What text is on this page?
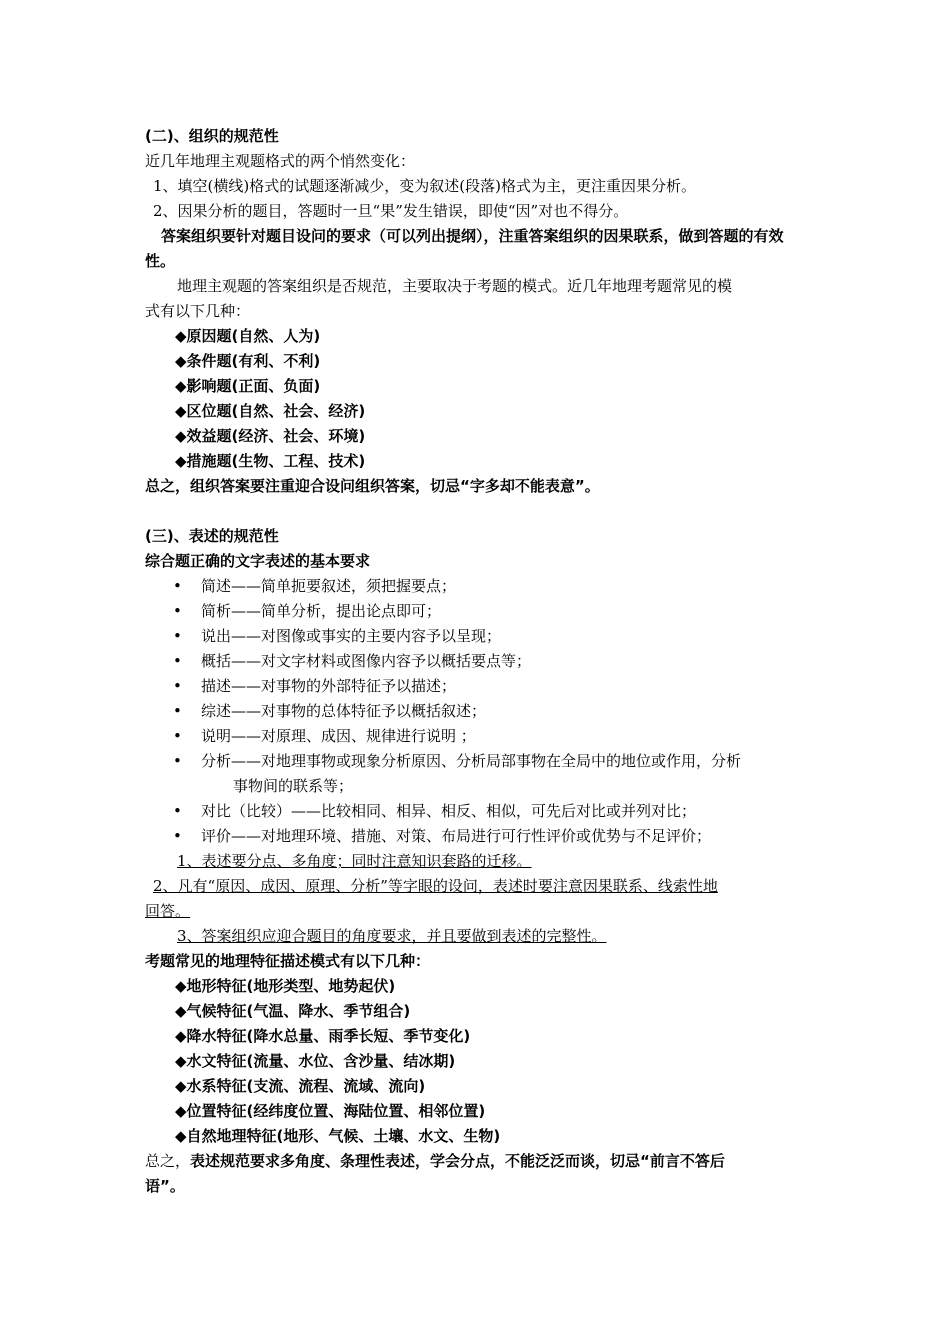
(二)、组织的规范性

近几年地理主观题格式的两个悄然变化：

1、填空(横线)格式的试题逐渐减少，变为叙述(段落)格式为主，更注重因果分析。

2、因果分析的题目，答题时一旦“果”发生错误，即使“因”对也不得分。

答案组织要针对题目设问的要求（可以列出提纲），注重答案组织的因果联系，做到答题的有效性。

地理主观题的答案组织是否规范，主要取决于考题的模式。近几年地理考题常见的模

式有以下几种：

◆原因题(自然、人为)

◆条件题(有利、不利)

◆影响题(正面、负面)

◆区位题(自然、社会、经济)

◆效益题(经济、社会、环境)

◆措施题(生物、工程、技术)

总之，组织答案要注重迎合设问组织答案，切忌“字多却不能表意”。

(三)、表述的规范性

综合题正确的文字表述的基本要求

• 简述——简单扼要叙述，须把握要点；
• 简析——简单分析，提出论点即可；
• 说出——对图像或事实的主要内容予以呈现；
• 概括——对文字材料或图像内容予以概括要点等；
• 描述——对事物的外部特征予以描述；
• 综述——对事物的总体特征予以概括叙述；
• 说明——对原理、成因、规律进行说明 ；
• 分析——对地理事物或现象分析原因、分析局部事物在全局中的地位或作用，分析
事物间的联系等；
• 对比（比较）——比较相同、相异、相反、相似，可先后对比或并列对比；
• 评价——对地理环境、措施、对策、布局进行可行性评价或优势与不足评价；

1、表述要分点、多角度；同时注意知识套路的迁移。

2、凡有“原因、成因、原理、分析”等字眼的设问，表述时要注意因果联系、线索性地

回答。

3、答案组织应迎合题目的角度要求，并且要做到表述的完整性。

考题常见的地理特征描述模式有以下几种：

◆地形特征(地形类型、地势起伏)

◆气候特征(气温、降水、季节组合)

◆降水特征(降水总量、雨季长短、季节变化)

◆水文特征(流量、水位、含沙量、结冰期)

◆水系特征(支流、流程、流域、流向)

◆位置特征(经纬度位置、海陆位置、相邻位置)

◆自然地理特征(地形、气候、土壤、水文、生物)

总之，表述规范要求多角度、条理性表述，学会分点，不能泛泛而谈，切忌“前言不答后

语”。
